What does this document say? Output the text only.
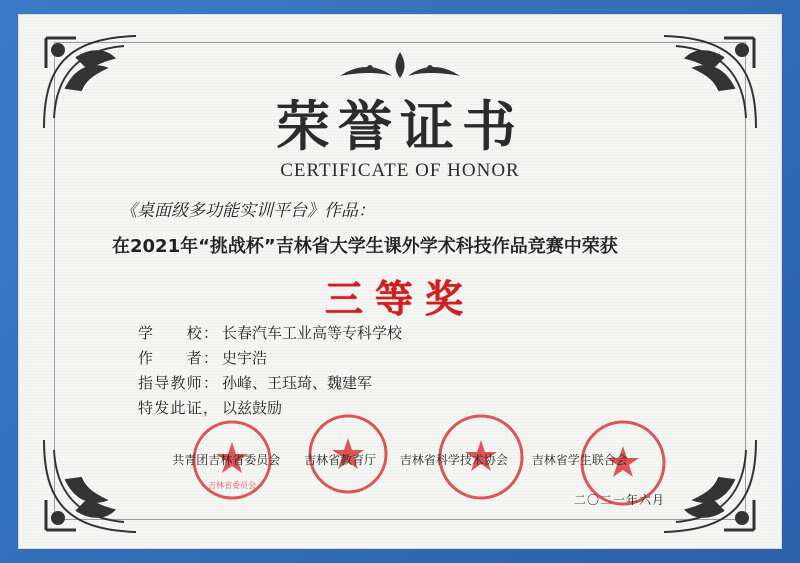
荣誉证书
CERTIFICATE OF HONOR
《桌面级多功能实训平台》作品：
在2021年“挑战杯”吉林省大学生课外学术科技作品竞赛中荣获
三等奖
学　　校： 长春汽车工业高等专科学校
作　　者： 史宇浩
指导教师： 孙峰、王珏琦、魏建军
特发此证， 以兹鼓励
吉林省委员会
共青团吉林省委员会 吉林省教育厅 吉林省科学技术协会 吉林省学生联合会
二〇二一年六月
